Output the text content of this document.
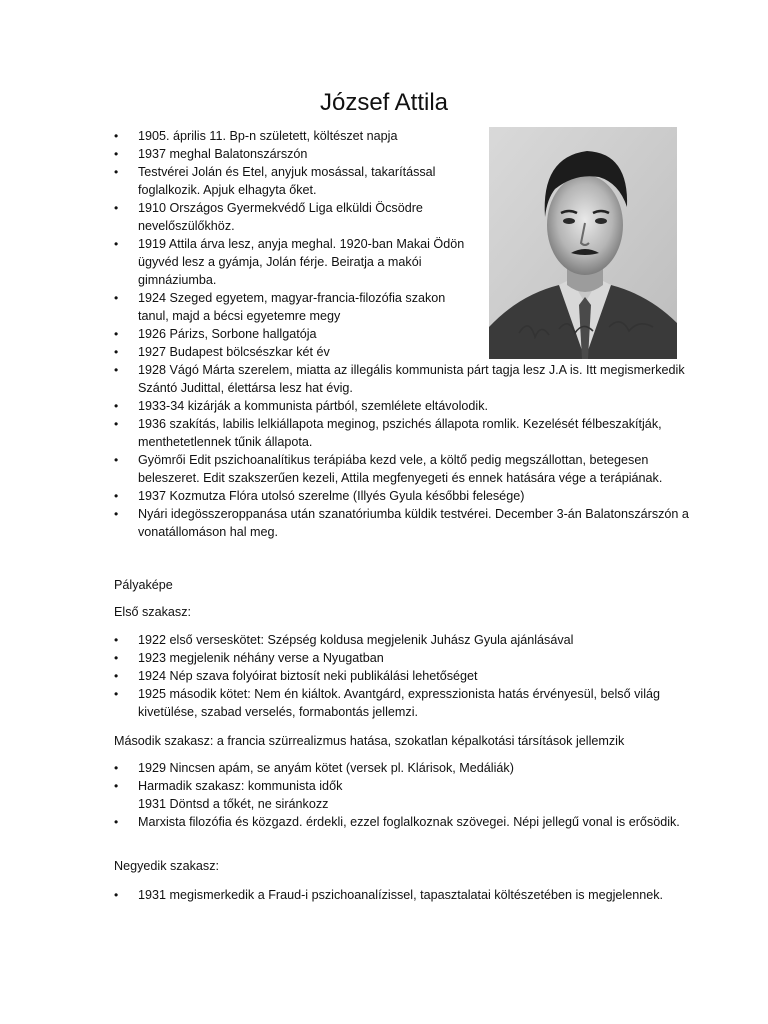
József Attila
• 1905. április 11. Bp-n született, költészet napja
• 1937 meghal Balatonszárszón
• Testvérei Jolán és Etel, anyjuk mosással, takarítással foglalkozik. Apjuk elhagyta őket.
• 1910 Országos Gyermekvédő Liga elküldi Öcsödre nevelőszülőkhöz.
• 1919 Attila árva lesz, anyja meghal. 1920-ban Makai Ödön ügyvéd lesz a gyámja, Jolán férje. Beiratja a makói gimnáziumba.
• 1924 Szeged egyetem, magyar-francia-filozófia szakon tanul, majd a bécsi egyetemre megy
• 1926 Párizs, Sorbone hallgatója
• 1927 Budapest bölcsészkar két év
• 1928 Vágó Márta szerelem, miatta az illegális kommunista párt tagja lesz J.A is. Itt megismerkedik Szántó Judittal, élettársa lesz hat évig.
• 1933-34 kizárják a kommunista pártból, szemlélete eltávolodik.
• 1936 szakítás, labilis lelkiállapota meginog, pszichés állapota romlik. Kezelését félbeszakítják, menthetetlennek tűnik állapota.
• Gyömrői Edit pszichoanalítikus terápiába kezd vele, a költő pedig megszállottan, betegesen beleszeret. Edit szakszerűen kezeli, Attila megfenyegeti és ennek hatására vége a terápiának.
• 1937 Kozmutza Flóra utolsó szerelme (Illyés Gyula későbbi felesége)
• Nyári idegösszeroppanása után szanatóriumba küldik testvérei. December 3-án Balatonszárszón a vonatállomáson hal meg.
Pályaképe
Első szakasz:
• 1922 első verseskötet: Szépség koldusa megjelenik Juhász Gyula ajánlásával
• 1923 megjelenik néhány verse a Nyugatban
• 1924 Nép szava folyóirat biztosít neki publikálási lehetőséget
• 1925 második kötet: Nem én kiáltok. Avantgárd, expresszionista hatás érvényesül, belső világ kivetülése, szabad verselés, formabontás jellemzi.
Második szakasz: a francia szürrealizmus hatása, szokatlan képalkotási társítások jellemzik
• 1929 Nincsen apám, se anyám kötet (versek pl. Klárisok, Medáliák)
• Harmadik szakasz: kommunista idők
1931 Döntsd a tőkét, ne siránkozz
• Marxista filozófia és közgazd. érdekli, ezzel foglalkoznak szövegei. Népi jellegű vonal is erősödik.
Negyedik szakasz:
• 1931 megismerkedik a Fraud-i pszichoanalízissel, tapasztalatai költészetében is megjelennek.
